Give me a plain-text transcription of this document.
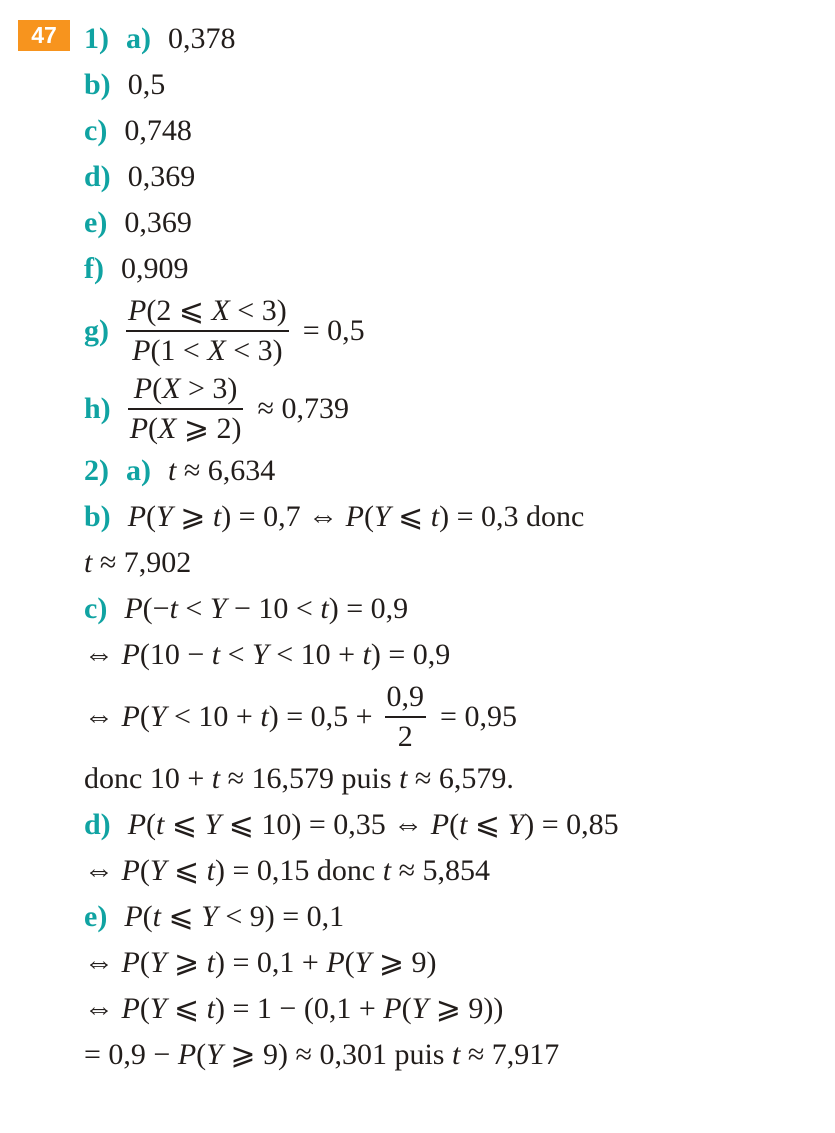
47 1) a) 0,378
b) 0,5
c) 0,748
d) 0,369
e) 0,369
f) 0,909
$g) \frac{P(2 ⩽ X < 3)}{P(1 < X < 3)} = 0,5$
$h) \frac{P(X > 3)}{P(X ⩾ 2)} \approx 0,739$
2) a) t ≈ 6,634
b) P(Y ⩾ t) = 0,7 ⇔ P(Y ⩽ t) = 0,3 donc
t ≈ 7,902
c) P(−t < Y − 10 < t) = 0,9
⇔ P(10 − t < Y < 10 + t) = 0,9
⇔ $P(Y < 10 + t) = 0,5 + \frac{0,9}{2} = 0,95$
donc 10 + t ≈ 16,579 puis t ≈ 6,579.
d) P(t ⩽ Y ⩽ 10) = 0,35 ⇔ P(t ⩽ Y) = 0,85
⇔ P(Y ⩽ t) = 0,15 donc t ≈ 5,854
e) P(t ⩽ Y < 9) = 0,1
⇔ P(Y ⩾ t) = 0,1 + P(Y ⩾ 9)
⇔ P(Y ⩽ t) = 1 − (0,1 + P(Y ⩾ 9))
= 0,9 − P(Y ⩾ 9) ≈ 0,301 puis t ≈ 7,917
